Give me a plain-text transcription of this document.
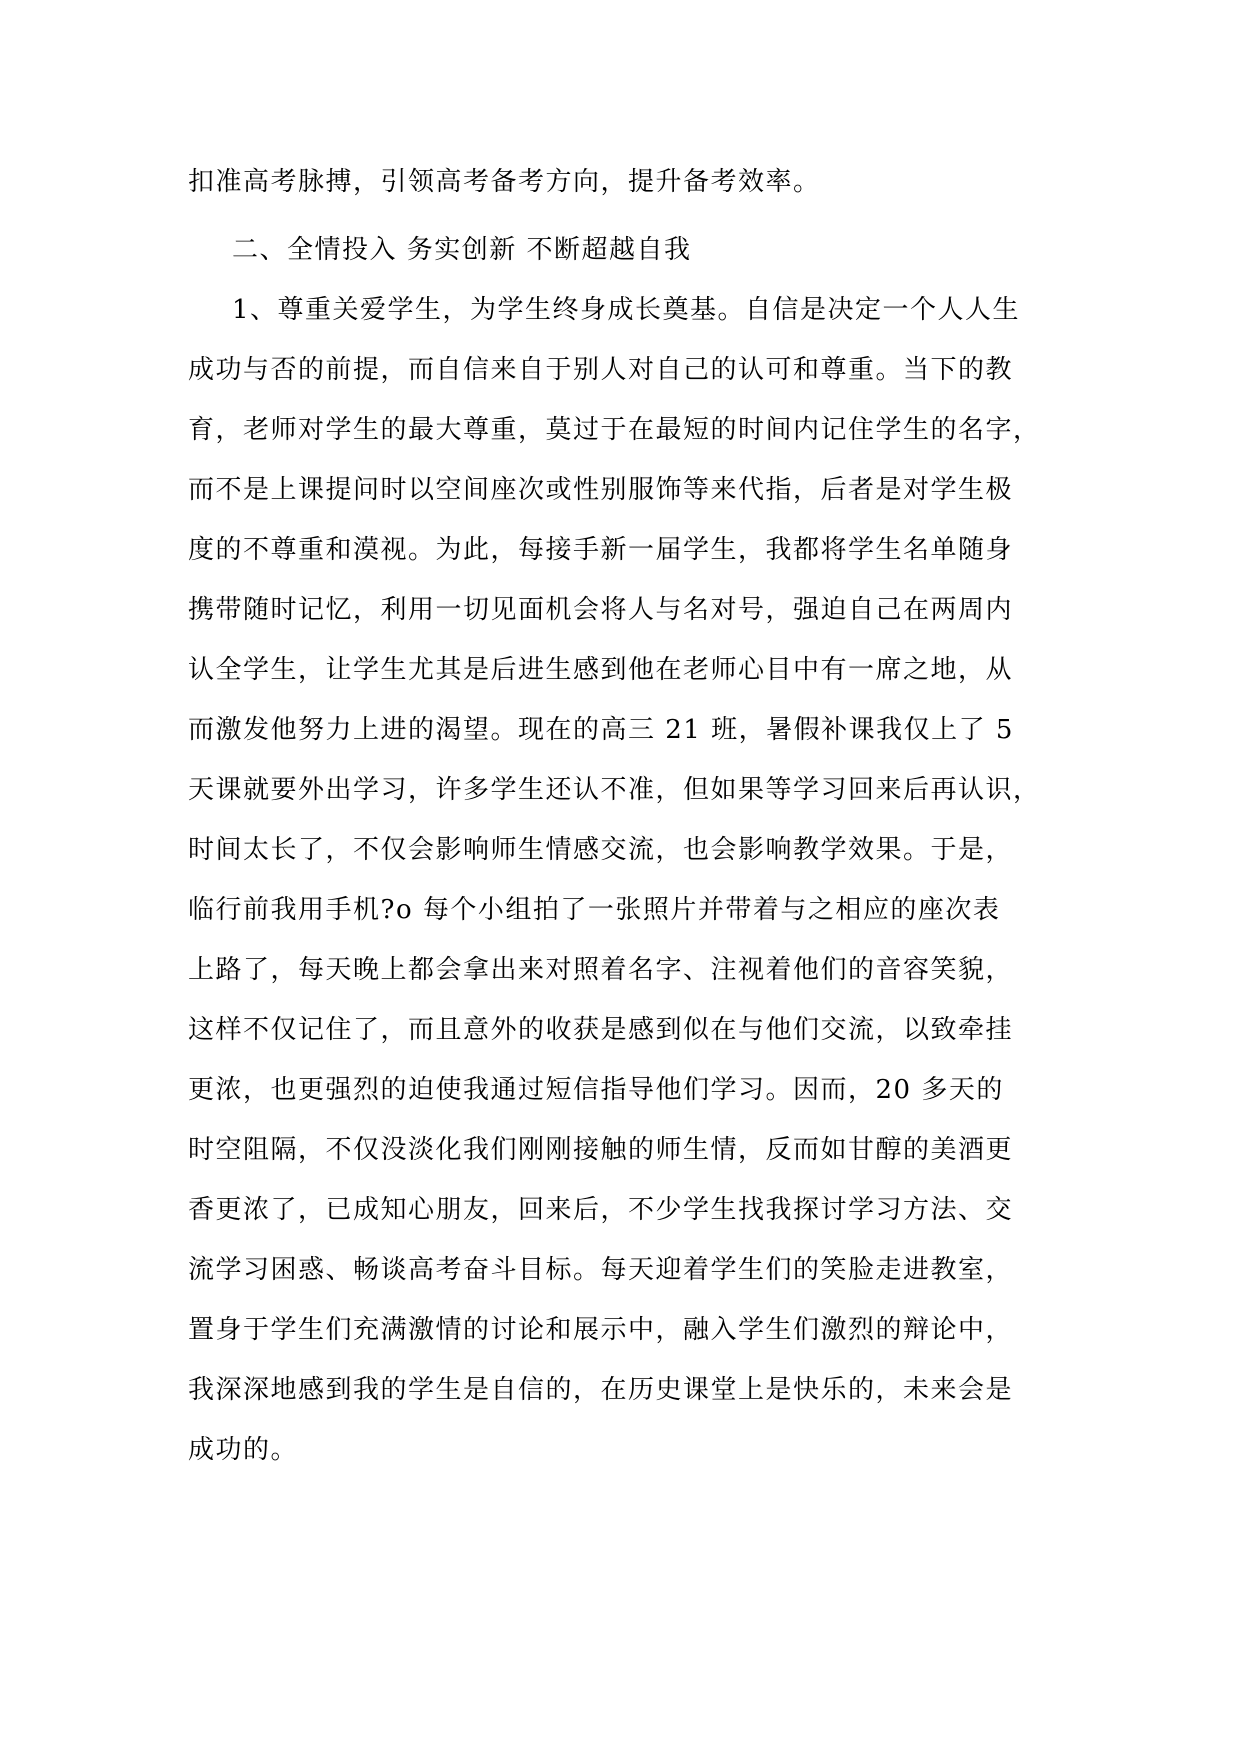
扣准高考脉搏，引领高考备考方向，提升备考效率。
二、全情投入 务实创新 不断超越自我
1、尊重关爱学生，为学生终身成长奠基。自信是决定一个人人生
成功与否的前提，而自信来自于别人对自己的认可和尊重。当下的教
育，老师对学生的最大尊重，莫过于在最短的时间内记住学生的名字，
而不是上课提问时以空间座次或性别服饰等来代指，后者是对学生极
度的不尊重和漠视。为此，每接手新一届学生，我都将学生名单随身
携带随时记忆，利用一切见面机会将人与名对号，强迫自己在两周内
认全学生，让学生尤其是后进生感到他在老师心目中有一席之地，从
而激发他努力上进的渴望。现在的高三 21 班，暑假补课我仅上了 5
天课就要外出学习，许多学生还认不准，但如果等学习回来后再认识，
时间太长了，不仅会影响师生情感交流，也会影响教学效果。于是，
临行前我用手机?o 每个小组拍了一张照片并带着与之相应的座次表
上路了，每天晚上都会拿出来对照着名字、注视着他们的音容笑貌，
这样不仅记住了，而且意外的收获是感到似在与他们交流，以致牵挂
更浓，也更强烈的迫使我通过短信指导他们学习。因而，20 多天的
时空阻隔，不仅没淡化我们刚刚接触的师生情，反而如甘醇的美酒更
香更浓了，已成知心朋友，回来后，不少学生找我探讨学习方法、交
流学习困惑、畅谈高考奋斗目标。每天迎着学生们的笑脸走进教室，
置身于学生们充满激情的讨论和展示中，融入学生们激烈的辩论中，
我深深地感到我的学生是自信的，在历史课堂上是快乐的，未来会是
成功的。
